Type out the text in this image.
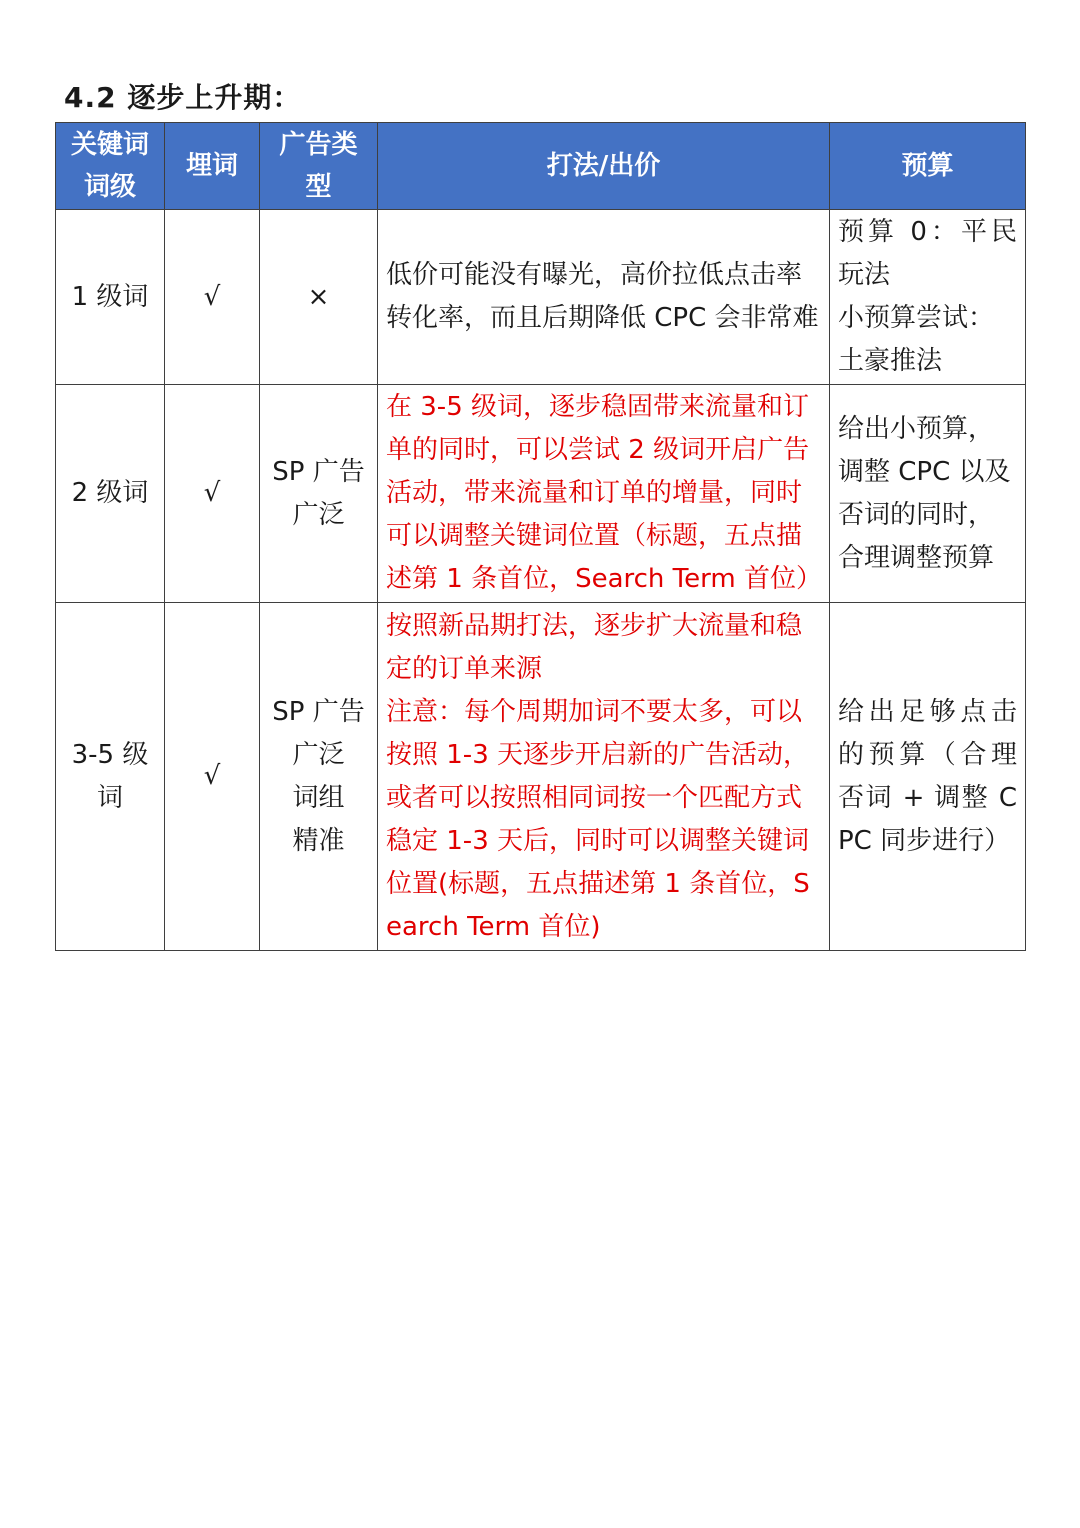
4.2 逐步上升期：
关键词词级	埋词	广告类型	打法/出价	预算
1 级词	√	×	低价可能没有曝光，高价拉低点击率转化率，而且后期降低 CPC 会非常难	预算 0：平民玩法
小预算尝试：土豪推法

2 级词	√	SP 广告广泛	在 3-5 级词，逐步稳固带来流量和订单的同时，可以尝试 2 级词开启广告活动，带来流量和订单的增量，同时可以调整关键词位置（标题，五点描述第 1 条首位，Search Term 首位）	给出小预算，调整 CPC 以及否词的同时，合理调整预算

3-5 级词	√	SP 广告
广泛
词组
精准	按照新品期打法，逐步扩大流量和稳定的订单来源
注意：每个周期加词不要太多，可以按照 1-3 天逐步开启新的广告活动，或者可以按照相同词按一个匹配方式稳定 1-3 天后，同时可以调整关键词位置(标题，五点描述第 1 条首位，Search Term 首位)	给出足够点击的预算（合理否词 + 调整 CPC 同步进行）
